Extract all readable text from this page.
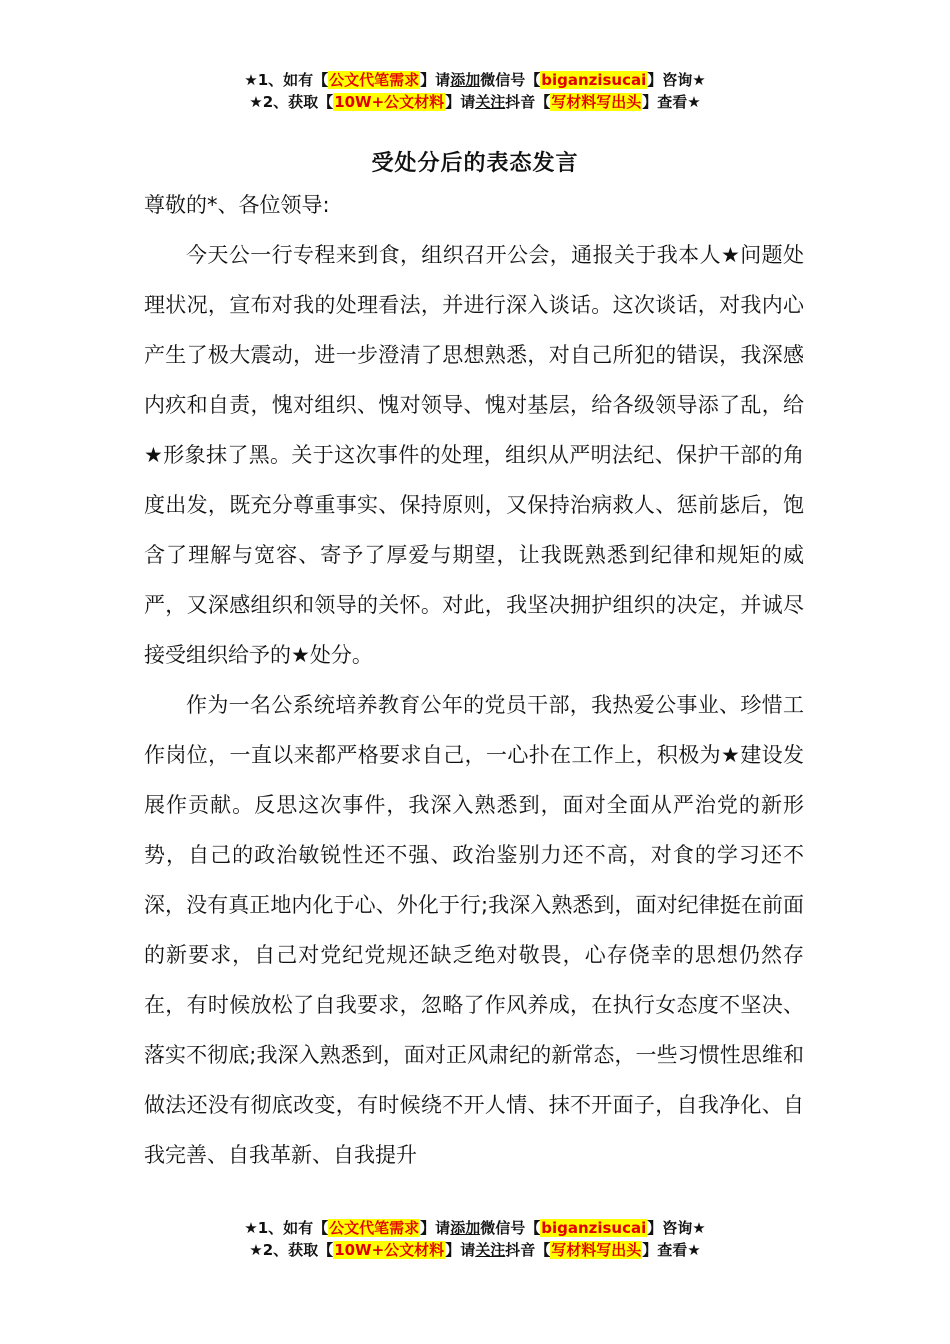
★1、如有【公文代笔需求】请添加微信号【biganzisucai】咨询★
★2、获取【10W+公文材料】请关注抖音【写材料写出头】查看★
受处分后的表态发言

尊敬的*、各位领导:

今天公一行专程来到食，组织召开公会，通报关于我本人★问题处理状况，宣布对我的处理看法，并进行深入谈话。这次谈话，对我内心产生了极大震动，进一步澄清了思想熟悉，对自己所犯的错误，我深感内疚和自责，愧对组织、愧对领导、愧对基层，给各级领导添了乱，给★形象抹了黑。关于这次事件的处理，组织从严明法纪、保护干部的角度出发，既充分尊重事实、保持原则，又保持治病救人、惩前毖后，饱含了理解与宽容、寄予了厚爱与期望，让我既熟悉到纪律和规矩的威严，又深感组织和领导的关怀。对此，我坚决拥护组织的决定，并诚尽接受组织给予的★处分。

作为一名公系统培养教育公年的党员干部，我热爱公事业、珍惜工作岗位，一直以来都严格要求自己，一心扑在工作上，积极为★建设发展作贡献。反思这次事件，我深入熟悉到，面对全面从严治党的新形势，自己的政治敏锐性还不强、政治鉴别力还不高，对食的学习还不深，没有真正地内化于心、外化于行;我深入熟悉到，面对纪律挺在前面的新要求，自己对党纪党规还缺乏绝对敬畏，心存侥幸的思想仍然存在，有时候放松了自我要求，忽略了作风养成，在执行女态度不坚决、落实不彻底;我深入熟悉到，面对正风肃纪的新常态，一些习惯性思维和做法还没有彻底改变，有时候绕不开人情、抹不开面子，自我净化、自我完善、自我革新、自我提升

★1、如有【公文代笔需求】请添加微信号【biganzisucai】咨询★
★2、获取【10W+公文材料】请关注抖音【写材料写出头】查看★
